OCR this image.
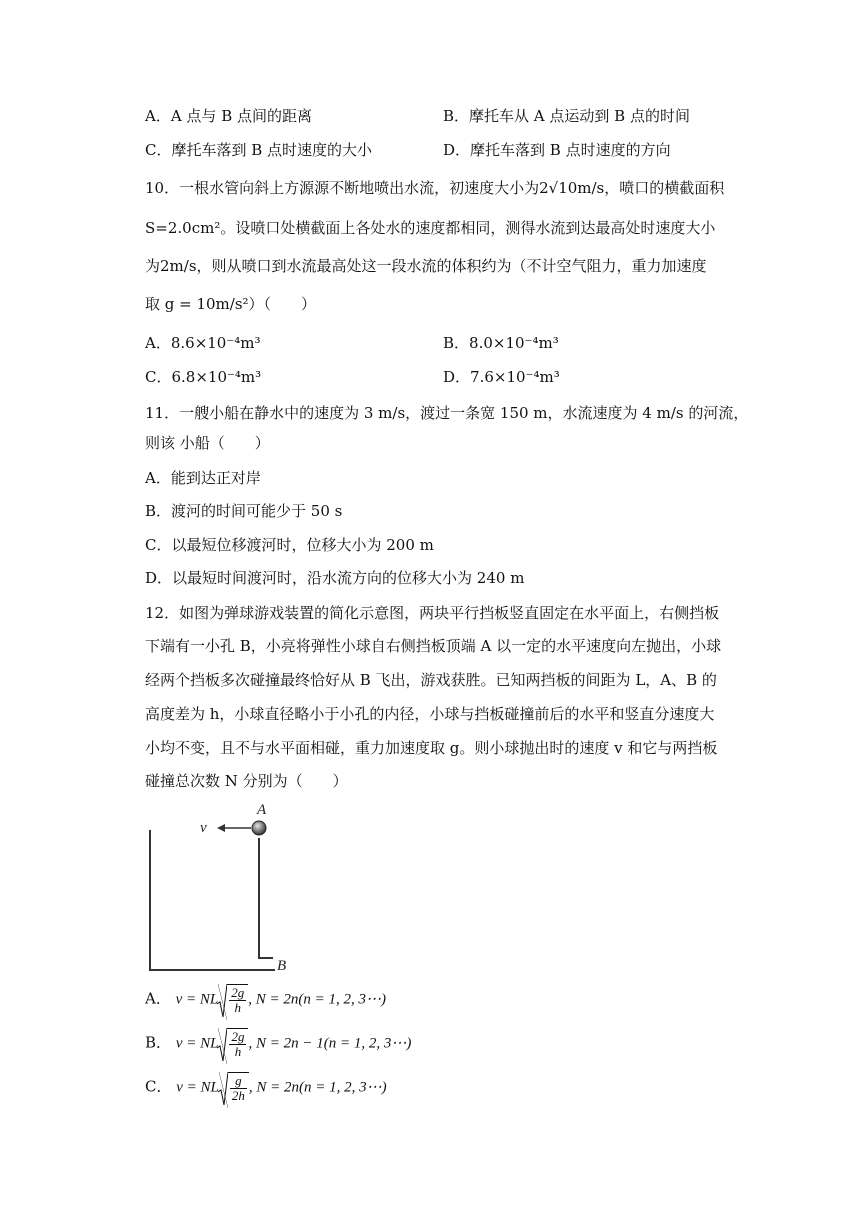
A．A 点与 B 点间的距离	B．摩托车从 A 点运动到 B 点的时间
C．摩托车落到 B 点时速度的大小	D．摩托车落到 B 点时速度的方向
10．一根水管向斜上方源源不断地喷出水流，初速度大小为2√10m/s，喷口的横截面积
S=2.0cm²。设喷口处横截面上各处水的速度都相同，测得水流到达最高处时速度大小
为2m/s，则从喷口到水流最高处这一段水流的体积约为（不计空气阻力，重力加速度
取 g = 10m/s²）（　　）
A．8.6×10⁻⁴m³	B．8.0×10⁻⁴m³
C．6.8×10⁻⁴m³	D．7.6×10⁻⁴m³
11．一艘小船在静水中的速度为 3 m/s，渡过一条宽 150 m，水流速度为 4 m/s 的河流，
则该 小船（　　）
A．能到达正对岸
B．渡河的时间可能少于 50 s
C．以最短位移渡河时，位移大小为 200 m
D．以最短时间渡河时，沿水流方向的位移大小为 240 m
12．如图为弹球游戏装置的简化示意图，两块平行挡板竖直固定在水平面上，右侧挡板
下端有一小孔 B，小亮将弹性小球自右侧挡板顶端 A 以一定的水平速度向左抛出，小球
经两个挡板多次碰撞最终恰好从 B 飞出，游戏获胜。已知两挡板的间距为 L，A、B 的
高度差为 h，小球直径略小于小孔的内径，小球与挡板碰撞前后的水平和竖直分速度大
小均不变，且不与水平面相碰，重力加速度取 g。则小球抛出时的速度 v 和它与两挡板
碰撞总次数 N 分别为（　　）
v
A
B
A． v = NL $\frac{2g}{h}$ , N = 2n(n = 1, 2, 3⋯)
B． v = NL $\frac{2g}{h}$ , N = 2n − 1(n = 1, 2, 3⋯)
C． v = NL $\frac{g}{2h}$ , N = 2n(n = 1, 2, 3⋯)
